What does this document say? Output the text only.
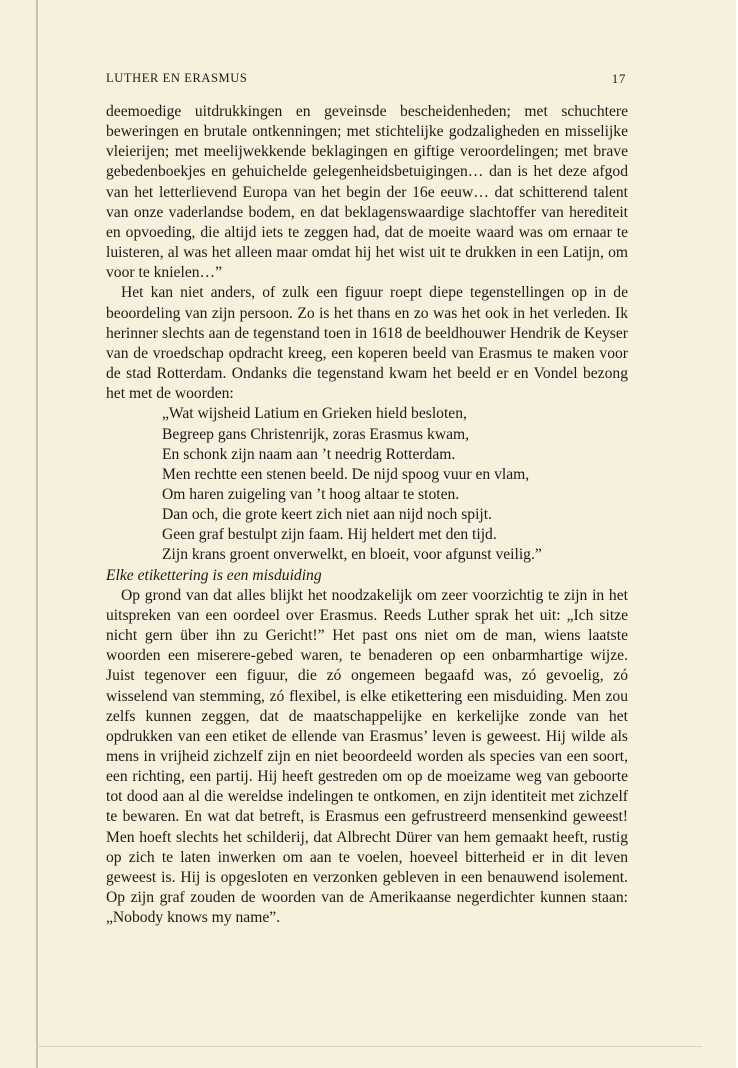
LUTHER EN ERASMUS	17

deemoedige uitdrukkingen en geveinsde bescheidenheden; met schuchtere beweringen en brutale ontkenningen; met stichtelijke godzaligheden en misselijke vleierijen; met meelijwekkende beklagingen en giftige veroordelingen; met brave gebedenboekjes en gehuichelde gelegenheidsbetuigingen… dan is het deze afgod van het letterlievend Europa van het begin der 16e eeuw… dat schitterend talent van onze vaderlandse bodem, en dat beklagenswaardige slachtoffer van herediteit en opvoeding, die altijd iets te zeggen had, dat de moeite waard was om ernaar te luisteren, al was het alleen maar omdat hij het wist uit te drukken in een Latijn, om voor te knielen…”

Het kan niet anders, of zulk een figuur roept diepe tegenstellingen op in de beoordeling van zijn persoon. Zo is het thans en zo was het ook in het verleden. Ik herinner slechts aan de tegenstand toen in 1618 de beeldhouwer Hendrik de Keyser van de vroedschap opdracht kreeg, een koperen beeld van Erasmus te maken voor de stad Rotterdam. Ondanks die tegenstand kwam het beeld er en Vondel bezong het met de woorden:

„Wat wijsheid Latium en Grieken hield besloten,
Begreep gans Christenrijk, zoras Erasmus kwam,
En schonk zijn naam aan ’t needrig Rotterdam.
Men rechtte een stenen beeld. De nijd spoog vuur en vlam,
Om haren zuigeling van ’t hoog altaar te stoten.
Dan och, die grote keert zich niet aan nijd noch spijt.
Geen graf bestulpt zijn faam. Hij heldert met den tijd.
Zijn krans groent onverwelkt, en bloeit, voor afgunst veilig.”

Elke etikettering is een misduiding

Op grond van dat alles blijkt het noodzakelijk om zeer voorzichtig te zijn in het uitspreken van een oordeel over Erasmus. Reeds Luther sprak het uit: „Ich sitze nicht gern über ihn zu Gericht!” Het past ons niet om de man, wiens laatste woorden een miserere-gebed waren, te benaderen op een onbarmhartige wijze. Juist tegenover een figuur, die zó ongemeen begaafd was, zó gevoelig, zó wisselend van stemming, zó flexibel, is elke etikettering een misduiding. Men zou zelfs kunnen zeggen, dat de maatschappelijke en kerkelijke zonde van het opdrukken van een etiket de ellende van Erasmus’ leven is geweest. Hij wilde als mens in vrijheid zichzelf zijn en niet beoordeeld worden als species van een soort, een richting, een partij. Hij heeft gestreden om op de moeizame weg van geboorte tot dood aan al die wereldse indelingen te ontkomen, en zijn identiteit met zichzelf te bewaren. En wat dat betreft, is Erasmus een gefrustreerd mensenkind geweest! Men hoeft slechts het schilderij, dat Albrecht Dürer van hem gemaakt heeft, rustig op zich te laten inwerken om aan te voelen, hoeveel bitterheid er in dit leven geweest is. Hij is opgesloten en verzonken gebleven in een benauwend isolement. Op zijn graf zouden de woorden van de Amerikaanse negerdichter kunnen staan: „Nobody knows my name”.
